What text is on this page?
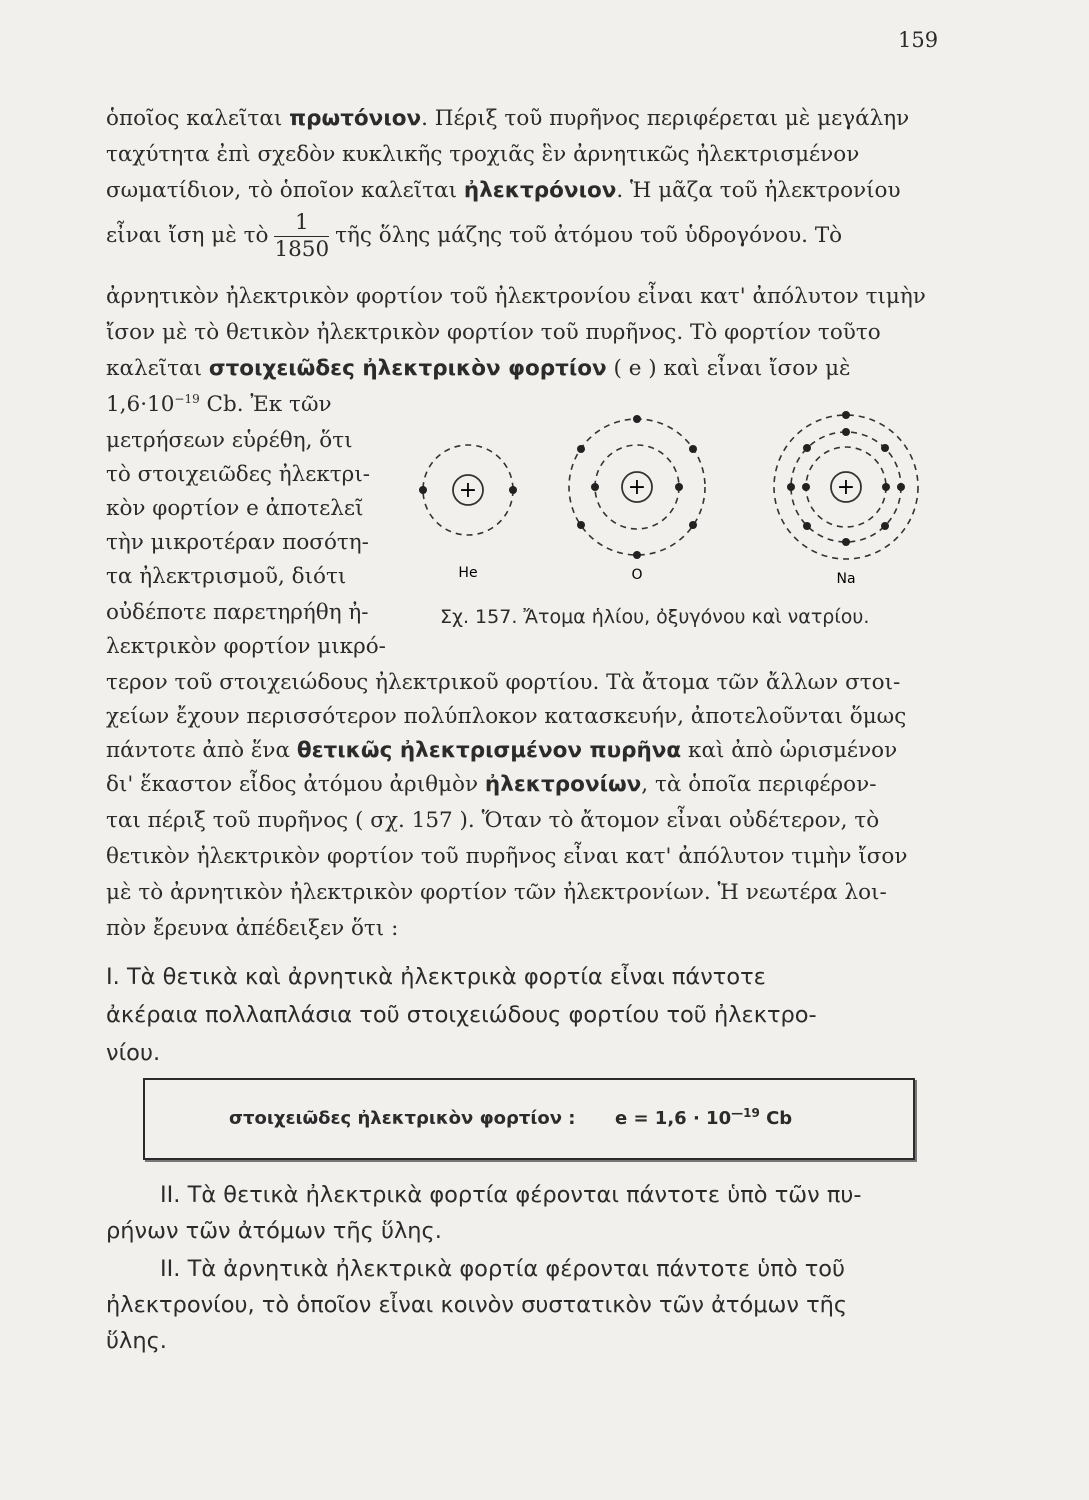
159
ὁποῖος καλεῖται πρωτόνιον. Πέριξ τοῦ πυρῆνος περιφέρεται μὲ μεγάλην
ταχύτητα ἐπὶ σχεδὸν κυκλικῆς τροχιᾶς ἓν ἀρνητικῶς ἠλεκτρισμένον
σωματίδιον, τὸ ὁποῖον καλεῖται ἠλεκτρόνιον. Ἡ μᾶζα τοῦ ἠλεκτρονίου
εἶναι ἴση μὲ τὸ $\frac{1}{1850}$ τῆς ὅλης μάζης τοῦ ἀτόμου τοῦ ὑδρογόνου. Τὸ
ἀρνητικὸν ἠλεκτρικὸν φορτίον τοῦ ἠλεκτρονίου εἶναι κατ' ἀπόλυτον τιμὴν
ἴσον μὲ τὸ θετικὸν ἠλεκτρικὸν φορτίον τοῦ πυρῆνος. Τὸ φορτίον τοῦτο
καλεῖται στοιχειῶδες ἠλεκτρικὸν φορτίον ( e ) καὶ εἶναι ἴσον μὲ
$1,6\cdot 10^{-19}$ Cb. Ἐκ τῶν
μετρήσεων εὑρέθη, ὅτι
τὸ στοιχειῶδες ἠλεκτρι-
κὸν φορτίον e ἀποτελεῖ
τὴν μικροτέραν ποσότη-
τα ἠλεκτρισμοῦ, διότι
οὐδέποτε παρετηρήθη ἠ-
λεκτρικὸν φορτίον μικρό-
+	+	+
He	O	Na
Σχ. 157. Ἄτομα ἡλίου, ὀξυγόνου καὶ νατρίου.
τερον τοῦ στοιχειώδους ἠλεκτρικοῦ φορτίου. Τὰ ἄτομα τῶν ἄλλων στοι-
χείων ἔχουν περισσότερον πολύπλοκον κατασκευήν, ἀποτελοῦνται ὅμως
πάντοτε ἀπὸ ἕνα θετικῶς ἠλεκτρισμένον πυρῆνα καὶ ἀπὸ ὡρισμένον
δι' ἕκαστον εἶδος ἀτόμου ἀριθμὸν ἠλεκτρονίων, τὰ ὁποῖα περιφέρον-
ται πέριξ τοῦ πυρῆνος ( σχ. 157 ). Ὅταν τὸ ἄτομον εἶναι οὐδέτερον, τὸ
θετικὸν ἠλεκτρικὸν φορτίον τοῦ πυρῆνος εἶναι κατ' ἀπόλυτον τιμὴν ἴσον
μὲ τὸ ἀρνητικὸν ἠλεκτρικὸν φορτίον τῶν ἠλεκτρονίων. Ἡ νεωτέρα λοι-
πὸν ἔρευνα ἀπέδειξεν ὅτι :
I. Τὰ θετικὰ καὶ ἀρνητικὰ ἠλεκτρικὰ φορτία εἶναι πάντοτε
ἀκέραια πολλαπλάσια τοῦ στοιχειώδους φορτίου τοῦ ἠλεκτρο-
νίου.
στοιχειῶδες ἠλεκτρικὸν φορτίον : $e = 1,6 \cdot 10^{—19}$ Cb
II. Τὰ θετικὰ ἠλεκτρικὰ φορτία φέρονται πάντοτε ὑπὸ τῶν πυ-
ρήνων τῶν ἀτόμων τῆς ὕλης.
II. Τὰ ἀρνητικὰ ἠλεκτρικὰ φορτία φέρονται πάντοτε ὑπὸ τοῦ
ἠλεκτρονίου, τὸ ὁποῖον εἶναι κοινὸν συστατικὸν τῶν ἀτόμων τῆς
ὕλης.
